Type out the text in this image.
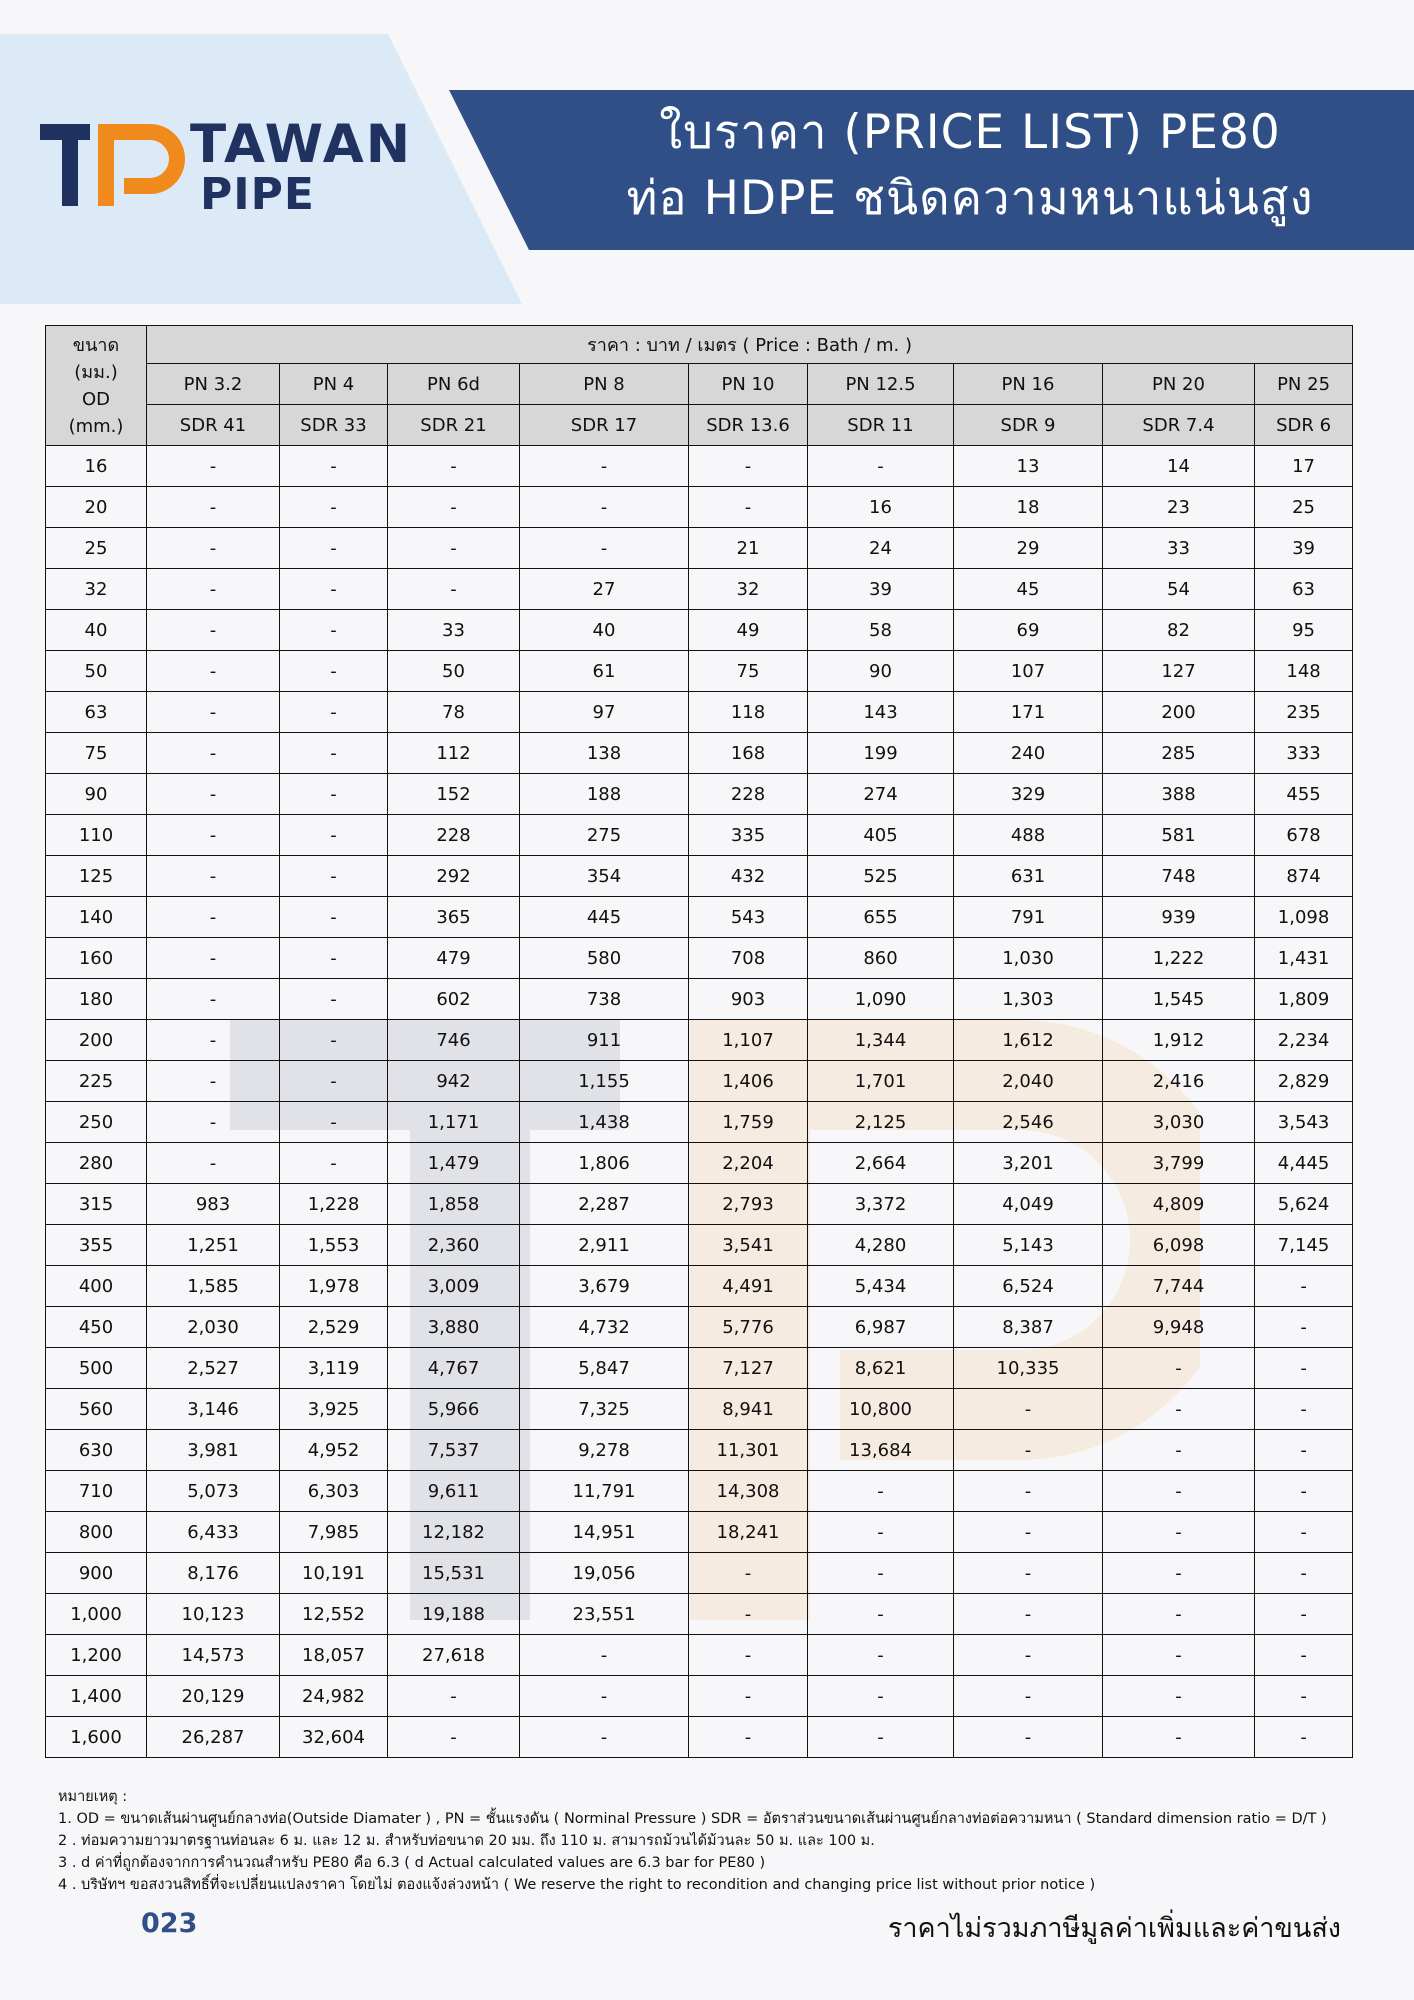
TAWAN
PIPE
ใบราคา (PRICE LIST) PE80
ท่อ HDPE ชนิดความหนาแน่นสูง
ขนาด
(มม.)
OD
(mm.)	ราคา : บาท / เมตร ( Price : Bath / m. )								
	PN 3.2	PN 4	PN 6d	PN 8	PN 10	PN 12.5	PN 16	PN 20	PN 25
	SDR 41	SDR 33	SDR 21	SDR 17	SDR 13.6	SDR 11	SDR 9	SDR 7.4	SDR 6
16	-	-	-	-	-	-	13	14	17
20	-	-	-	-	-	16	18	23	25
25	-	-	-	-	21	24	29	33	39
32	-	-	-	27	32	39	45	54	63
40	-	-	33	40	49	58	69	82	95
50	-	-	50	61	75	90	107	127	148
63	-	-	78	97	118	143	171	200	235
75	-	-	112	138	168	199	240	285	333
90	-	-	152	188	228	274	329	388	455
110	-	-	228	275	335	405	488	581	678
125	-	-	292	354	432	525	631	748	874
140	-	-	365	445	543	655	791	939	1,098
160	-	-	479	580	708	860	1,030	1,222	1,431
180	-	-	602	738	903	1,090	1,303	1,545	1,809
200	-	-	746	911	1,107	1,344	1,612	1,912	2,234
225	-	-	942	1,155	1,406	1,701	2,040	2,416	2,829
250	-	-	1,171	1,438	1,759	2,125	2,546	3,030	3,543
280	-	-	1,479	1,806	2,204	2,664	3,201	3,799	4,445
315	983	1,228	1,858	2,287	2,793	3,372	4,049	4,809	5,624
355	1,251	1,553	2,360	2,911	3,541	4,280	5,143	6,098	7,145
400	1,585	1,978	3,009	3,679	4,491	5,434	6,524	7,744	-
450	2,030	2,529	3,880	4,732	5,776	6,987	8,387	9,948	-
500	2,527	3,119	4,767	5,847	7,127	8,621	10,335	-	-
560	3,146	3,925	5,966	7,325	8,941	10,800	-	-	-
630	3,981	4,952	7,537	9,278	11,301	13,684	-	-	-
710	5,073	6,303	9,611	11,791	14,308	-	-	-	-
800	6,433	7,985	12,182	14,951	18,241	-	-	-	-
900	8,176	10,191	15,531	19,056	-	-	-	-	-
1,000	10,123	12,552	19,188	23,551	-	-	-	-	-
1,200	14,573	18,057	27,618	-	-	-	-	-	-
1,400	20,129	24,982	-	-	-	-	-	-	-
1,600	26,287	32,604	-	-	-	-	-	-	-
หมายเหตุ :
1. OD = ขนาดเส้นผ่านศูนย์กลางท่อ(Outside Diamater ) , PN = ชั้นแรงดัน ( Norminal Pressure ) SDR = อัตราส่วนขนาดเส้นผ่านศูนย์กลางท่อต่อความหนา ( Standard dimension ratio = D/T )
2 . ท่อมความยาวมาตรฐานท่อนละ 6 ม. และ 12 ม. สำหรับท่อขนาด 20 มม. ถึง 110 ม. สามารถม้วนได้ม้วนละ 50 ม. และ 100 ม.
3 . d ค่าที่ถูกต้องจากการคำนวณสำหรับ PE80 คือ 6.3 ( d Actual calculated values are 6.3 bar for PE80 )
4 . บริษัทฯ ขอสงวนสิทธิ์ที่จะเปลี่ยนแปลงราคา โดยไม่ ตองแจ้งล่วงหน้า ( We reserve the right to recondition and changing price list without prior notice )
023	ราคาไม่รวมภาษีมูลค่าเพิ่มและค่าขนส่ง
